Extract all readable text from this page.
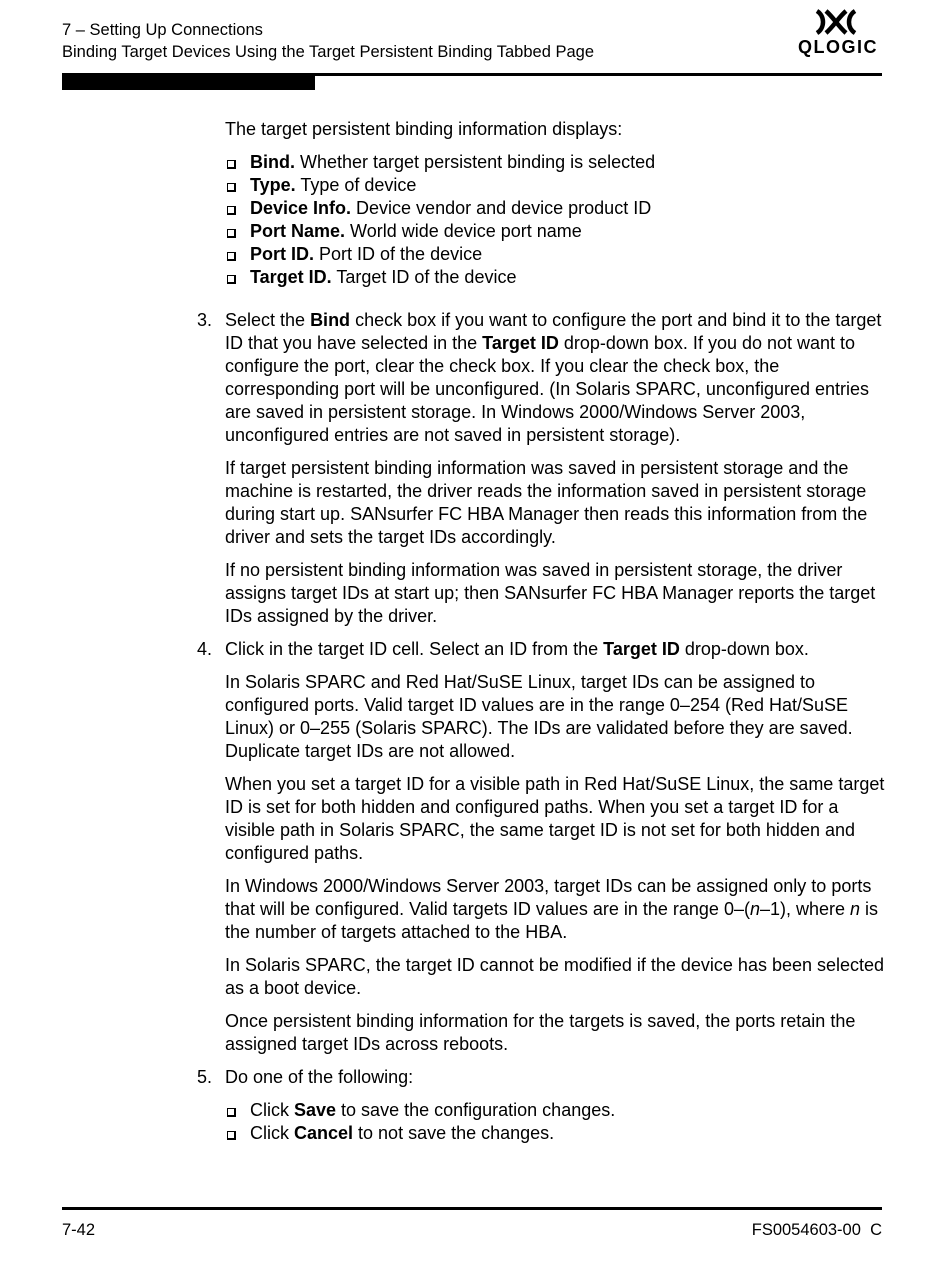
7 – Setting Up Connections
Binding Target Devices Using the Target Persistent Binding Tabbed Page	QLOGIC

The target persistent binding information displays:

Bind. Whether target persistent binding is selected
Type. Type of device
Device Info. Device vendor and device product ID
Port Name. World wide device port name
Port ID. Port ID of the device
Target ID. Target ID of the device
3. Select the Bind check box if you want to configure the port and bind it to the target ID that you have selected in the Target ID drop-down box. If you do not want to configure the port, clear the check box. If you clear the check box, the corresponding port will be unconfigured. (In Solaris SPARC, unconfigured entries are saved in persistent storage. In Windows 2000/Windows Server 2003, unconfigured entries are not saved in persistent storage).

If target persistent binding information was saved in persistent storage and the machine is restarted, the driver reads the information saved in persistent storage during start up. SANsurfer FC HBA Manager then reads this information from the driver and sets the target IDs accordingly.

If no persistent binding information was saved in persistent storage, the driver assigns target IDs at start up; then SANsurfer FC HBA Manager reports the target IDs assigned by the driver.

4. Click in the target ID cell. Select an ID from the Target ID drop-down box.

In Solaris SPARC and Red Hat/SuSE Linux, target IDs can be assigned to configured ports. Valid target ID values are in the range 0–254 (Red Hat/SuSE Linux) or 0–255 (Solaris SPARC). The IDs are validated before they are saved. Duplicate target IDs are not allowed.

When you set a target ID for a visible path in Red Hat/SuSE Linux, the same target ID is set for both hidden and configured paths. When you set a target ID for a visible path in Solaris SPARC, the same target ID is not set for both hidden and configured paths.

In Windows 2000/Windows Server 2003, target IDs can be assigned only to ports that will be configured. Valid targets ID values are in the range 0–(n–1), where n is the number of targets attached to the HBA.

In Solaris SPARC, the target ID cannot be modified if the device has been selected as a boot device.

Once persistent binding information for the targets is saved, the ports retain the assigned target IDs across reboots.

5. Do one of the following:

Click Save to save the configuration changes.
Click Cancel to not save the changes.
7-42	FS0054603-00  C
